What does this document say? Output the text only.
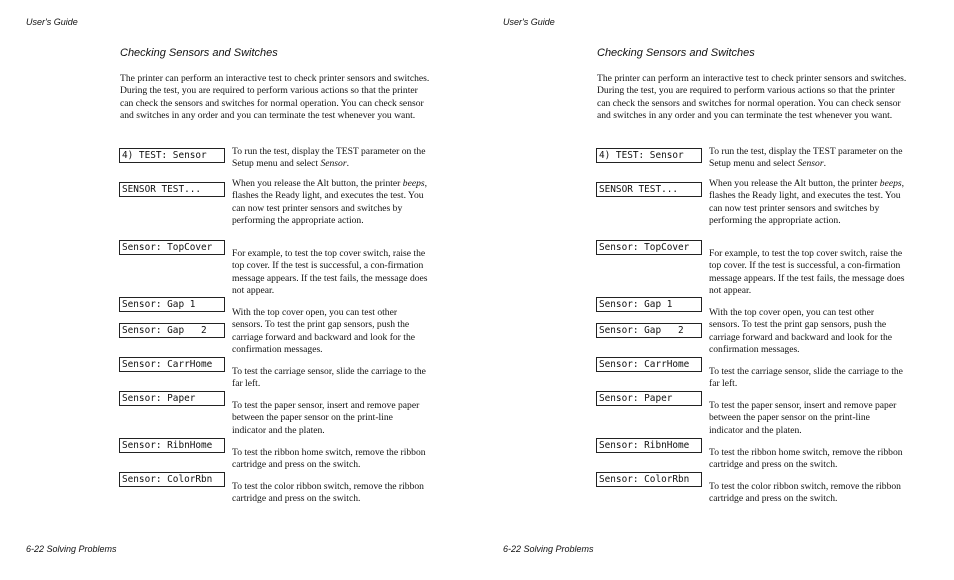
User's Guide
Checking Sensors and Switches
The printer can perform an interactive test to check printer sensors and switches. During the test, you are required to perform various actions so that the printer can check the sensors and switches for normal operation. You can check sensor and switches in any order and you can terminate the test whenever you want.
4) TEST: Sensor
SENSOR TEST...
Sensor: TopCover
Sensor: Gap 1
Sensor: Gap   2
Sensor: CarrHome
Sensor: Paper
Sensor: RibnHome
Sensor: ColorRbn
To run the test, display the TEST parameter on the Setup menu and select Sensor.
When you release the Alt button, the printer beeps, flashes the Ready light, and executes the test. You can now test printer sensors and switches by performing the appropriate action.
For example, to test the top cover switch, raise the top cover. If the test is successful, a con-firmation message appears. If the test fails, the message does not appear.
With the top cover open, you can test other sensors. To test the print gap sensors, push the carriage forward and backward and look for the confirmation messages.
To test the carriage sensor, slide the carriage to the far left.
To test the paper sensor, insert and remove paper between the paper sensor on the print-line indicator and the platen.
To test the ribbon home switch, remove the ribbon cartridge and press on the switch.
To test the color ribbon switch, remove the ribbon cartridge and press on the switch.
6-22 Solving Problems
User's Guide
Checking Sensors and Switches
The printer can perform an interactive test to check printer sensors and switches. During the test, you are required to perform various actions so that the printer can check the sensors and switches for normal operation. You can check sensor and switches in any order and you can terminate the test whenever you want.
4) TEST: Sensor
SENSOR TEST...
Sensor: TopCover
Sensor: Gap 1
Sensor: Gap   2
Sensor: CarrHome
Sensor: Paper
Sensor: RibnHome
Sensor: ColorRbn
To run the test, display the TEST parameter on the Setup menu and select Sensor.
When you release the Alt button, the printer beeps, flashes the Ready light, and executes the test. You can now test printer sensors and switches by performing the appropriate action.
For example, to test the top cover switch, raise the top cover. If the test is successful, a con-firmation message appears. If the test fails, the message does not appear.
With the top cover open, you can test other sensors. To test the print gap sensors, push the carriage forward and backward and look for the confirmation messages.
To test the carriage sensor, slide the carriage to the far left.
To test the paper sensor, insert and remove paper between the paper sensor on the print-line indicator and the platen.
To test the ribbon home switch, remove the ribbon cartridge and press on the switch.
To test the color ribbon switch, remove the ribbon cartridge and press on the switch.
6-22 Solving Problems
